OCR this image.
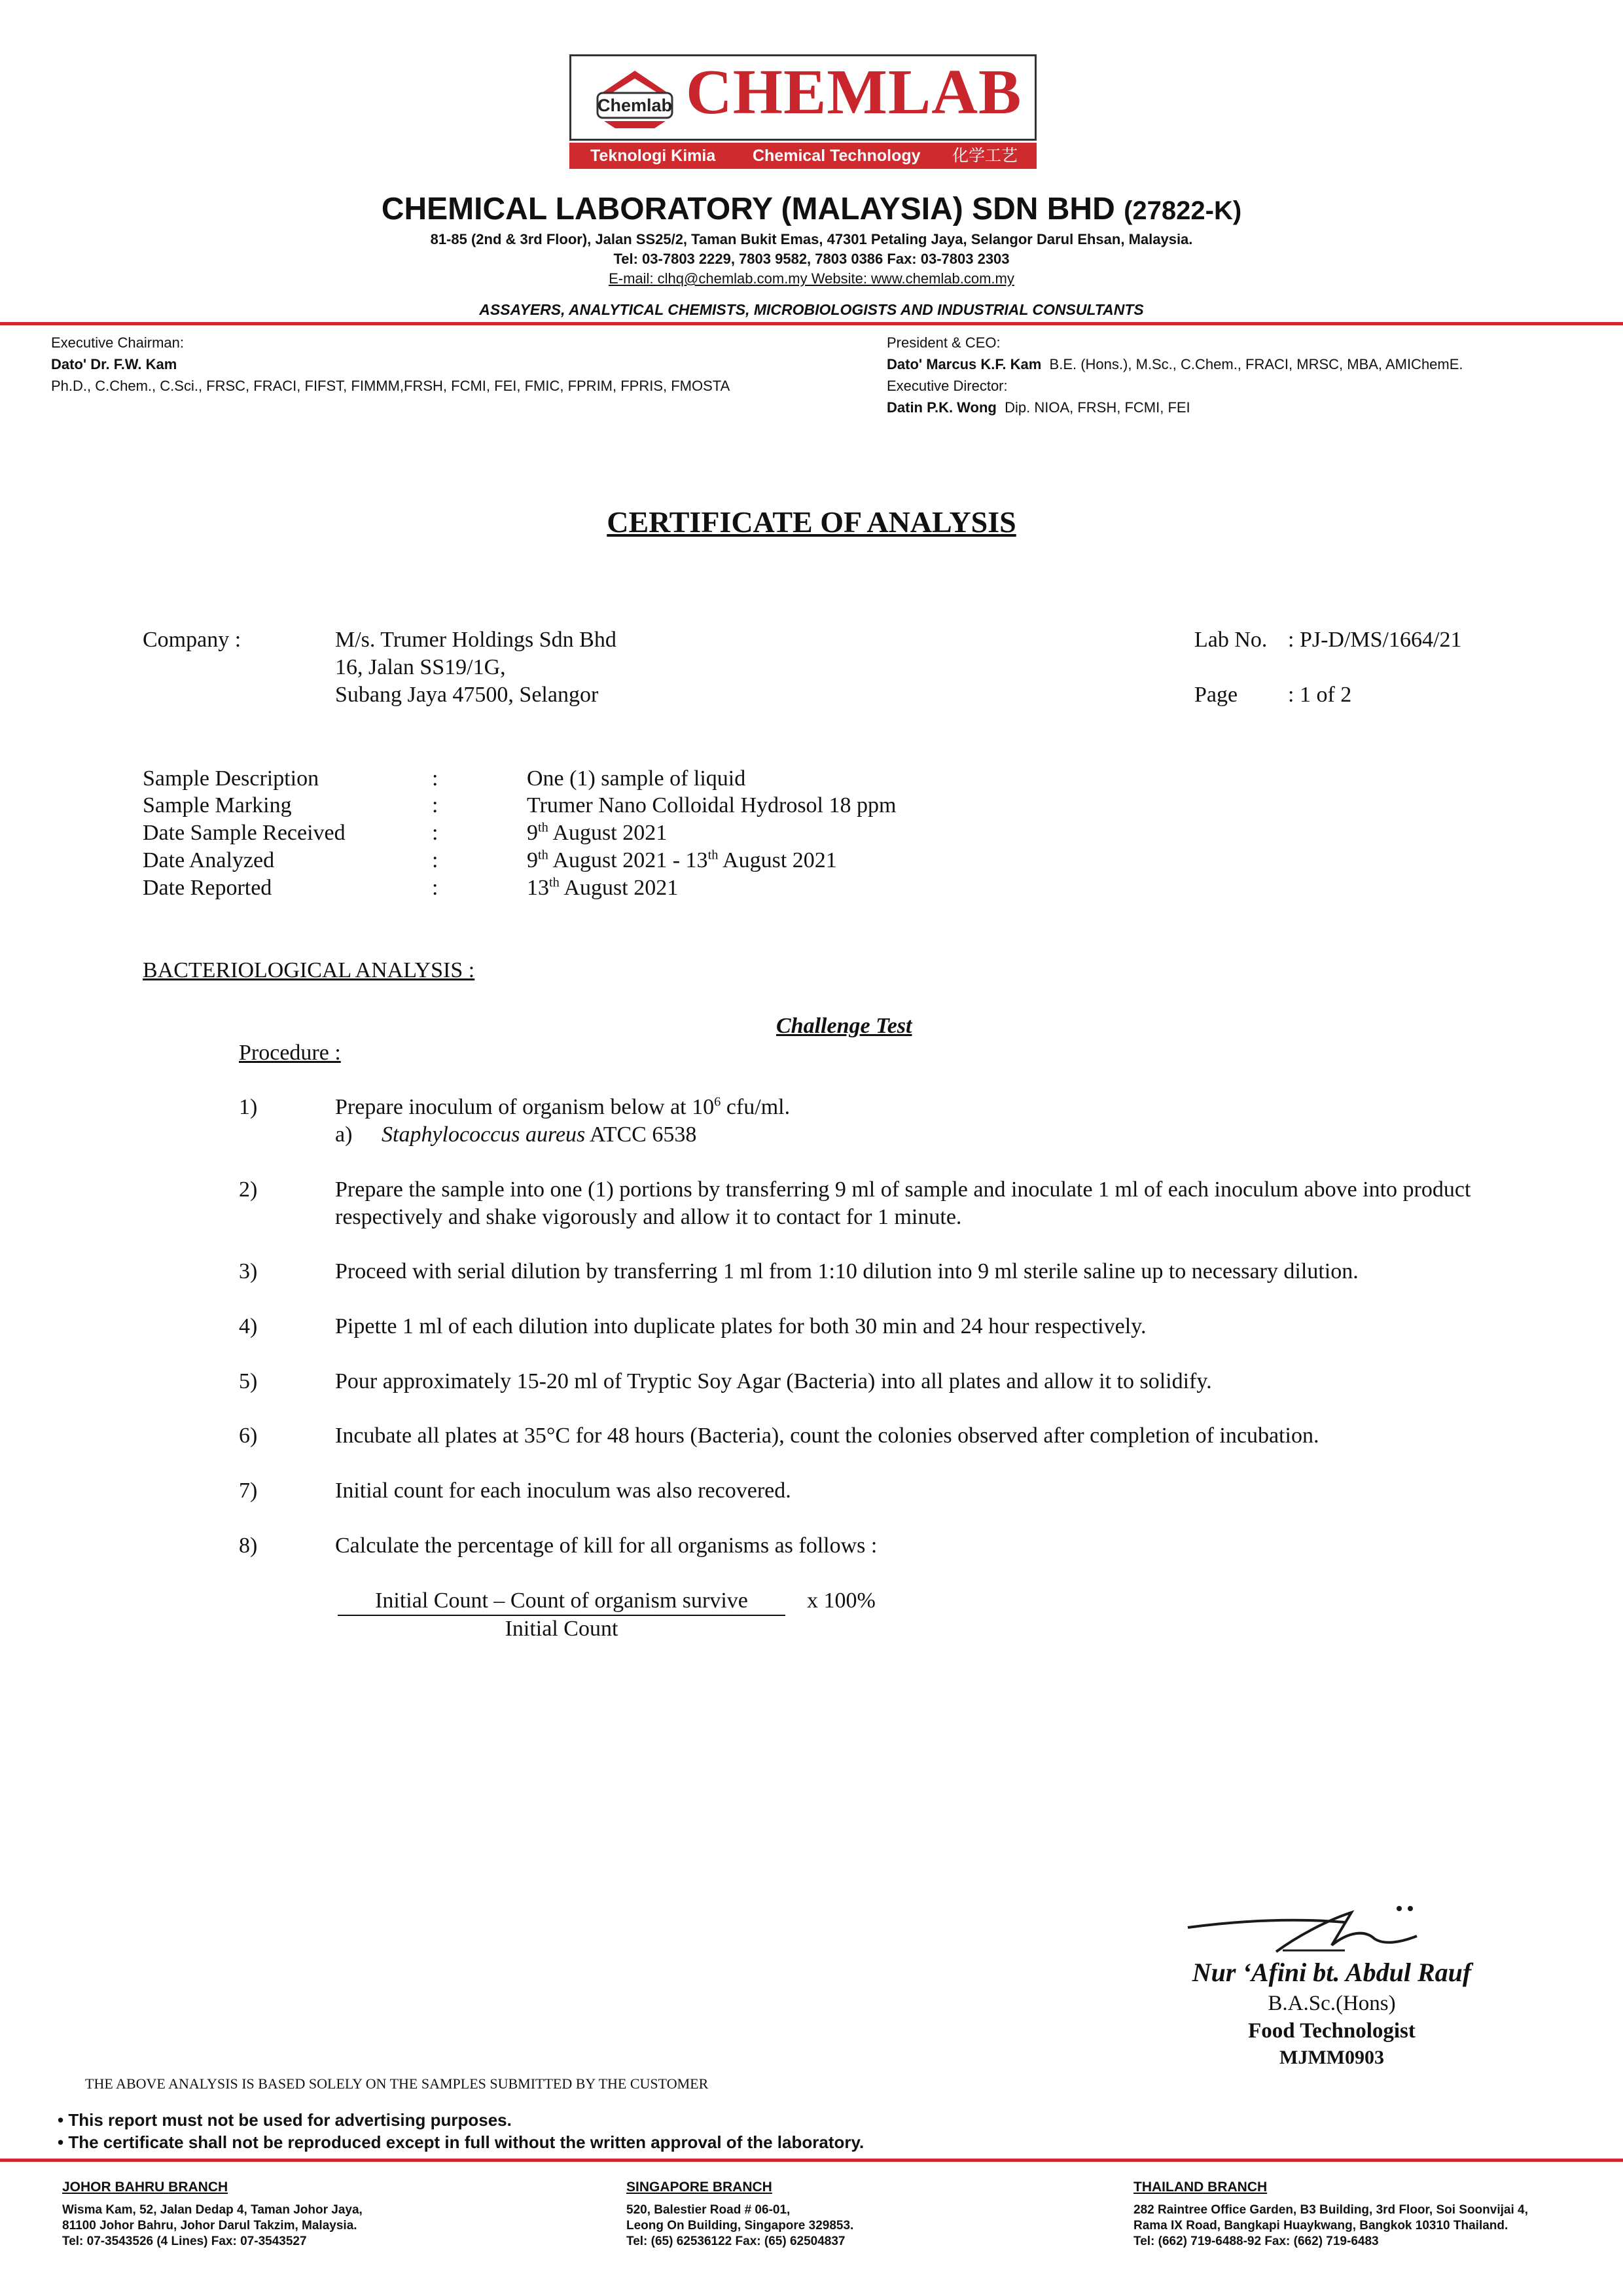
Chemlab CHEMLAB
Teknologi Kimia Chemical Technology 化学工艺
CHEMICAL LABORATORY (MALAYSIA) SDN BHD (27822-K)
81-85 (2nd & 3rd Floor), Jalan SS25/2, Taman Bukit Emas, 47301 Petaling Jaya, Selangor Darul Ehsan, Malaysia.
Tel: 03-7803 2229, 7803 9582, 7803 0386 Fax: 03-7803 2303
E-mail: clhq@chemlab.com.my Website: www.chemlab.com.my
ASSAYERS, ANALYTICAL CHEMISTS, MICROBIOLOGISTS AND INDUSTRIAL CONSULTANTS
Executive Chairman:
Dato' Dr. F.W. Kam
Ph.D., C.Chem., C.Sci., FRSC, FRACI, FIFST, FIMMM,FRSH, FCMI, FEI, FMIC, FPRIM, FPRIS, FMOSTA
President & CEO:
Dato' Marcus K.F. Kam B.E. (Hons.), M.Sc., C.Chem., FRACI, MRSC, MBA, AMIChemE.
Executive Director:
Datin P.K. Wong Dip. NIOA, FRSH, FCMI, FEI
CERTIFICATE OF ANALYSIS
Company :	M/s. Trumer Holdings Sdn Bhd
16, Jalan SS19/1G,
Subang Jaya 47500, Selangor
Lab No. : PJ-D/MS/1664/21
Page : 1 of 2
Sample Description	:	One (1) sample of liquid
Sample Marking	:	Trumer Nano Colloidal Hydrosol 18 ppm
Date Sample Received	:	9th August 2021
Date Analyzed	:	9th August 2021 - 13th August 2021
Date Reported	:	13th August 2021
BACTERIOLOGICAL ANALYSIS :
Challenge Test
Procedure :
1)	Prepare inoculum of organism below at $10^6$ cfu/ml.
a) Staphylococcus aureus ATCC 6538
2)	Prepare the sample into one (1) portions by transferring 9 ml of sample and inoculate 1 ml of each inoculum above into product respectively and shake vigorously and allow it to contact for 1 minute.
3)	Proceed with serial dilution by transferring 1 ml from 1:10 dilution into 9 ml sterile saline up to necessary dilution.
4)	Pipette 1 ml of each dilution into duplicate plates for both 30 min and 24 hour respectively.
5)	Pour approximately 15-20 ml of Tryptic Soy Agar (Bacteria) into all plates and allow it to solidify.
6)	Incubate all plates at 35°C for 48 hours (Bacteria), count the colonies observed after completion of incubation.
7)	Initial count for each inoculum was also recovered.
8)	Calculate the percentage of kill for all organisms as follows :
Initial Count – Count of organism survive	x 100%
Initial Count
Nur ‘Afini bt. Abdul Rauf
B.A.Sc.(Hons)
Food Technologist
MJMM0903
THE ABOVE ANALYSIS IS BASED SOLELY ON THE SAMPLES SUBMITTED BY THE CUSTOMER
• This report must not be used for advertising purposes.
• The certificate shall not be reproduced except in full without the written approval of the laboratory.
JOHOR BAHRU BRANCH
Wisma Kam, 52, Jalan Dedap 4, Taman Johor Jaya,
81100 Johor Bahru, Johor Darul Takzim, Malaysia.
Tel: 07-3543526 (4 Lines) Fax: 07-3543527
SINGAPORE BRANCH
520, Balestier Road # 06-01,
Leong On Building, Singapore 329853.
Tel: (65) 62536122 Fax: (65) 62504837
THAILAND BRANCH
282 Raintree Office Garden, B3 Building, 3rd Floor, Soi Soonvijai 4,
Rama IX Road, Bangkapi Huaykwang, Bangkok 10310 Thailand.
Tel: (662) 719-6488-92 Fax: (662) 719-6483
